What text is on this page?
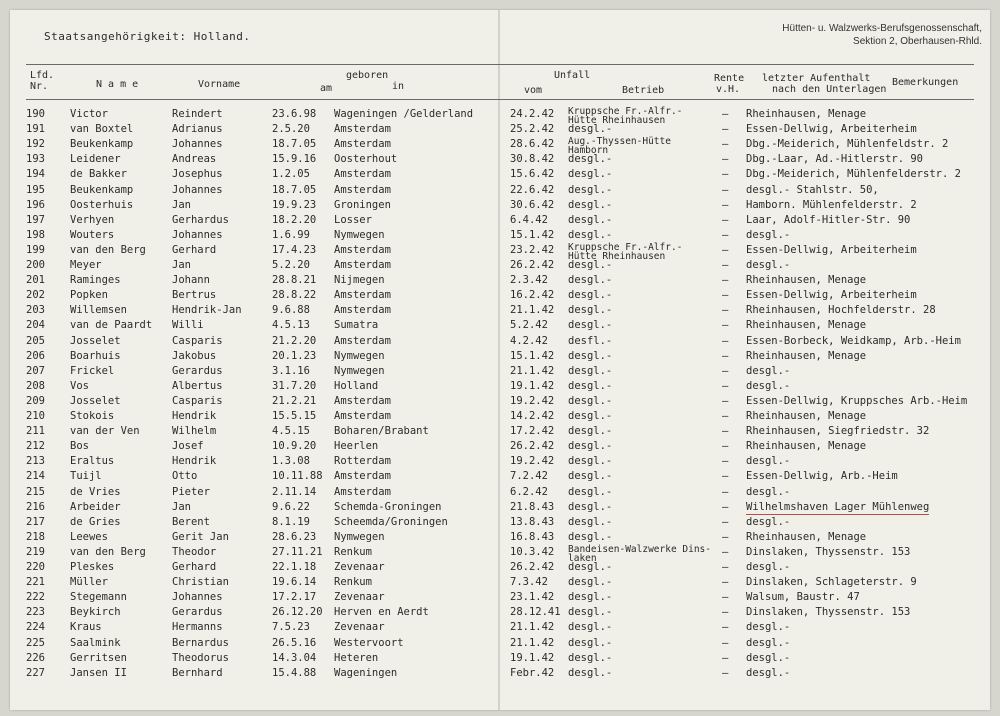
Staatsangehörigkeit: Holland.
Hütten- u. Walzwerks-Berufsgenossenschaft,
Sektion 2, Oberhausen-Rhld.
Lfd.
Nr.	N a m e	Vorname
geboren
am	in
Unfall
vom	Betrieb
Rente
v.H.
letzter Aufenthalt
nach den Unterlagen
Bemerkungen
190 Victor	Reindert	23.6.98 Wageningen /Gelderland	24.2.42 Kruppsche Fr.-Alfr.-
Hütte Rheinhausen
– Rheinhausen, Menage
191 van Boxtel	Adrianus	2.5.20 Amsterdam	25.2.42 desgl.-	– Essen-Dellwig, Arbeiterheim
192 Beukenkamp	Johannes	18.7.05 Amsterdam	28.6.42 Aug.-Thyssen-Hütte
Hamborn
– Dbg.-Meiderich, Mühlenfeldstr. 2
193 Leidener	Andreas	15.9.16 Oosterhout	30.8.42 desgl.-	– Dbg.-Laar, Ad.-Hitlerstr. 90
194 de Bakker	Josephus	1.2.05 Amsterdam	15.6.42 desgl.-	– Dbg.-Meiderich, Mühlenfelderstr. 2
195 Beukenkamp	Johannes	18.7.05 Amsterdam	22.6.42 desgl.-	– desgl.- Stahlstr. 50,
196 Oosterhuis	Jan	19.9.23 Groningen	30.6.42 desgl.-	– Hamborn. Mühlenfelderstr. 2
197 Verhyen	Gerhardus	18.2.20 Losser	6.4.42 desgl.-	– Laar, Adolf-Hitler-Str. 90
198 Wouters	Johannes	1.6.99 Nymwegen	15.1.42 desgl.-	– desgl.-
199 van den Berg Gerhard	17.4.23 Amsterdam	23.2.42 Kruppsche Fr.-Alfr.-
Hütte Rheinhausen
– Essen-Dellwig, Arbeiterheim
200 Meyer	Jan	5.2.20 Amsterdam	26.2.42 desgl.-	– desgl.-
201 Raminges	Johann	28.8.21 Nijmegen	2.3.42 desgl.-	– Rheinhausen, Menage
202 Popken	Bertrus	28.8.22 Amsterdam	16.2.42 desgl.-	– Essen-Dellwig, Arbeiterheim
203 Willemsen	Hendrik-Jan	9.6.88 Amsterdam	21.1.42 desgl.-	– Rheinhausen, Hochfelderstr. 28
204 van de Paardt Willi	4.5.13 Sumatra	5.2.42 desgl.-	– Rheinhausen, Menage
205 Josselet	Casparis	21.2.20 Amsterdam	4.2.42 desfl.-	– Essen-Borbeck, Weidkamp, Arb.-Heim
206 Boarhuis	Jakobus	20.1.23 Nymwegen	15.1.42 desgl.-	– Rheinhausen, Menage
207 Frickel	Gerardus	3.1.16 Nymwegen	21.1.42 desgl.-	– desgl.-
208 Vos	Albertus	31.7.20 Holland	19.1.42 desgl.-	– desgl.-
209 Josselet	Casparis	21.2.21 Amsterdam	19.2.42 desgl.-	– Essen-Dellwig, Kruppsches Arb.-Heim
210 Stokois	Hendrik	15.5.15 Amsterdam	14.2.42 desgl.-	– Rheinhausen, Menage
211 van der Ven	Wilhelm	4.5.15 Boharen/Brabant	17.2.42 desgl.-	– Rheinhausen, Siegfriedstr. 32
212 Bos	Josef	10.9.20 Heerlen	26.2.42 desgl.-	– Rheinhausen, Menage
213 Eraltus	Hendrik	1.3.08 Rotterdam	19.2.42 desgl.-	– desgl.-
214 Tuijl	Otto	10.11.88 Amsterdam	7.2.42 desgl.-	– Essen-Dellwig, Arb.-Heim
215 de Vries	Pieter	2.11.14 Amsterdam	6.2.42 desgl.-	– desgl.-
216 Arbeider	Jan	9.6.22 Schemda-Groningen	21.8.43 desgl.-	– Wilhelmshaven Lager Mühlenweg
217 de Gries	Berent	8.1.19 Scheemda/Groningen	13.8.43 desgl.-	– desgl.-
218 Leewes	Gerit Jan	28.6.23 Nymwegen	16.8.43 desgl.-	– Rheinhausen, Menage
219 van den Berg Theodor	27.11.21 Renkum	10.3.42 Bandeisen-Walzwerke Dins-
laken
– Dinslaken, Thyssenstr. 153
220 Pleskes	Gerhard	22.1.18 Zevenaar	26.2.42 desgl.-	– desgl.-
221 Müller	Christian	19.6.14 Renkum	7.3.42 desgl.-	– Dinslaken, Schlageterstr. 9
222 Stegemann	Johannes	17.2.17 Zevenaar	23.1.42 desgl.-	– Walsum, Baustr. 47
223 Beykirch	Gerardus	26.12.20 Herven en Aerdt	28.12.41 desgl.-	– Dinslaken, Thyssenstr. 153
224 Kraus	Hermanns	7.5.23 Zevenaar	21.1.42 desgl.-	– desgl.-
225 Saalmink	Bernardus	26.5.16 Westervoort	21.1.42 desgl.-	– desgl.-
226 Gerritsen	Theodorus	14.3.04 Heteren	19.1.42 desgl.-	– desgl.-
227 Jansen II	Bernhard	15.4.88 Wageningen	Febr.42 desgl.-	– desgl.-
